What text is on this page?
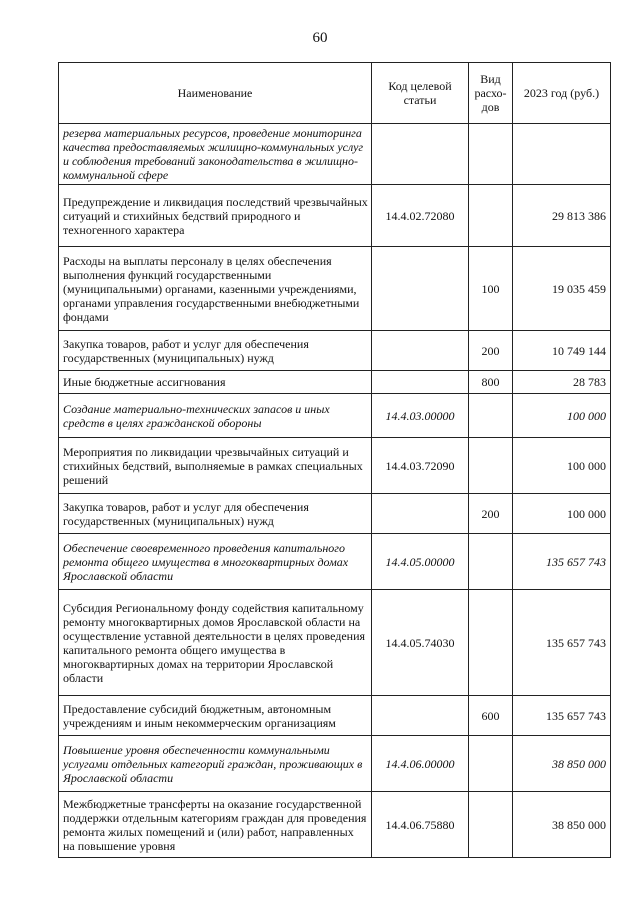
60
Наименование	Код целевой статьи	Вид расхо-дов	2023 год (руб.)
резерва материальных ресурсов, проведение мониторинга качества предоставляемых жилищно-коммунальных услуг и соблюдения требований законодательства в жилищно-коммунальной сфере			
Предупреждение и ликвидация последствий чрезвычайных ситуаций и стихийных бедствий природного и техногенного характера	14.4.02.72080		29 813 386
Расходы на выплаты персоналу в целях обеспечения выполнения функций государственными (муниципальными) органами, казенными учреждениями, органами управления государственными внебюджетными фондами		100	19 035 459
Закупка товаров, работ и услуг для обеспечения государственных (муниципальных) нужд		200	10 749 144
Иные бюджетные ассигнования		800	28 783
Создание материально-технических запасов и иных средств в целях гражданской обороны	14.4.03.00000		100 000
Мероприятия по ликвидации чрезвычайных ситуаций и стихийных бедствий, выполняемые в рамках специальных решений	14.4.03.72090		100 000
Закупка товаров, работ и услуг для обеспечения государственных (муниципальных) нужд		200	100 000
Обеспечение своевременного проведения капитального ремонта общего имущества в многоквартирных домах Ярославской области	14.4.05.00000		135 657 743
Субсидия Региональному фонду содействия капитальному ремонту многоквартирных домов Ярославской области на осуществление уставной деятельности в целях проведения капитального ремонта общего имущества в многоквартирных домах на территории Ярославской области	14.4.05.74030		135 657 743
Предоставление субсидий бюджетным, автономным учреждениям и иным некоммерческим организациям		600	135 657 743
Повышение уровня обеспеченности коммунальными услугами отдельных категорий граждан, проживающих в Ярославской области	14.4.06.00000		38 850 000
Межбюджетные трансферты на оказание государственной поддержки отдельным категориям граждан для проведения ремонта жилых помещений и (или) работ, направленных на повышение уровня	14.4.06.75880		38 850 000
